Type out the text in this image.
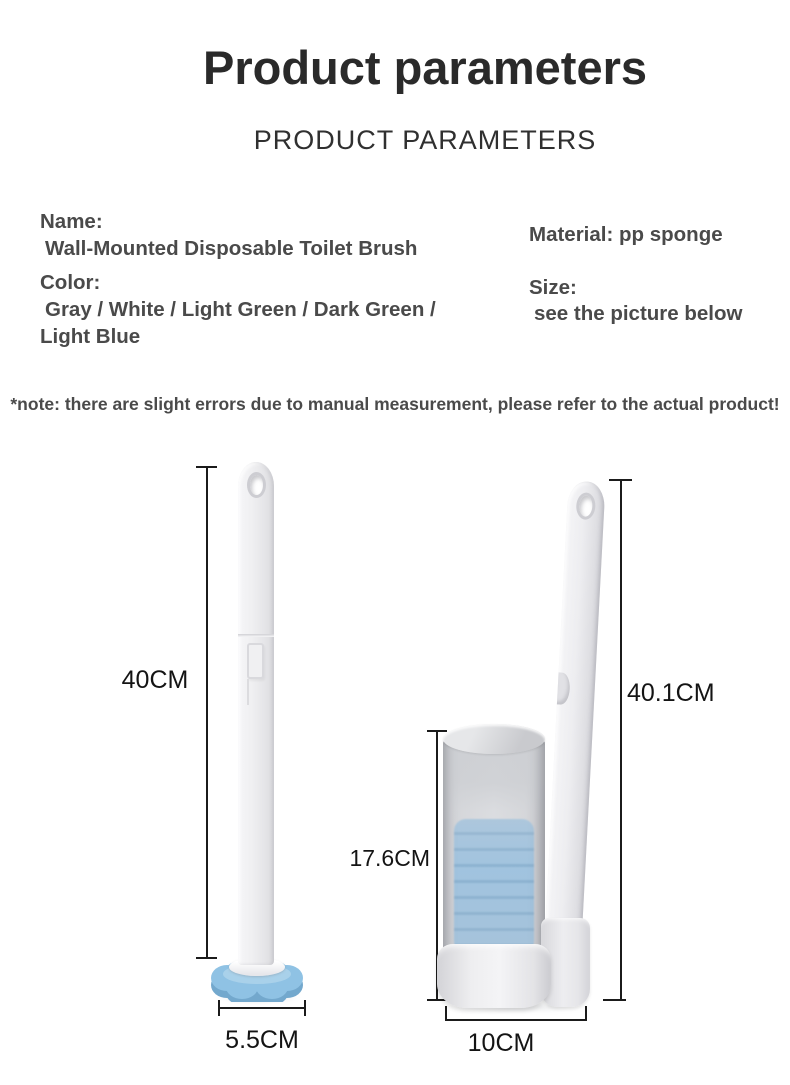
Product parameters
PRODUCT PARAMETERS
Name:
Wall-Mounted Disposable Toilet Brush
Color:
Gray / White / Light Green / Dark Green /
Light Blue
Material: pp sponge
Size:
see the picture below
*note: there are slight errors due to manual measurement, please refer to the actual product!
40CM
5.5CM
40.1CM
17.6CM
10CM
